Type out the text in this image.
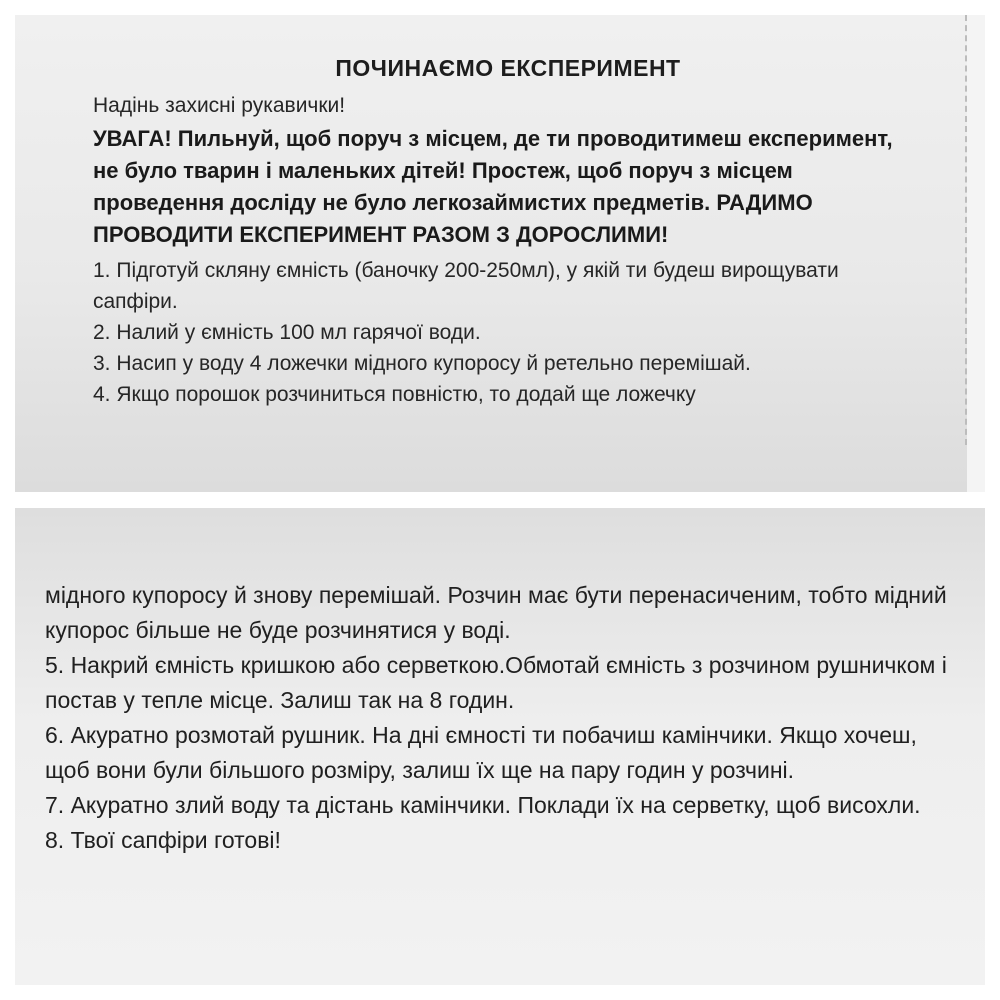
ПОЧИНАЄМО ЕКСПЕРИМЕНТ

Надінь захисні рукавички!

УВАГА! Пильнуй, щоб поруч з місцем, де ти проводитимеш експеримент, не було тварин і маленьких дітей! Простеж, щоб поруч з місцем проведення досліду не було легкозаймистих предметів. РАДИМО ПРОВОДИТИ ЕКСПЕРИМЕНТ РАЗОМ З ДОРОСЛИМИ!

1. Підготуй скляну ємність (баночку 200-250мл), у якій ти будеш вирощувати сапфіри.

2. Налий у ємність 100 мл гарячої води.

3. Насип у воду 4 ложечки мідного купоросу й ретельно перемішай.

4. Якщо порошок розчиниться повністю, то додай ще ложечку

мідного купоросу й знову перемішай. Розчин має бути перенасиченим, тобто мідний купорос більше не буде розчинятися у воді.

5. Накрий ємність кришкою або серветкою.Обмотай ємність з розчином рушничком і постав у тепле місце. Залиш так на 8 годин.

6. Акуратно розмотай рушник. На дні ємності ти побачиш камінчики. Якщо хочеш, щоб вони були більшого розміру, залиш їх ще на пару годин у розчині.

7. Акуратно злий воду та дістань камінчики. Поклади їх на серветку, щоб висохли.

8. Твої сапфіри готові!
